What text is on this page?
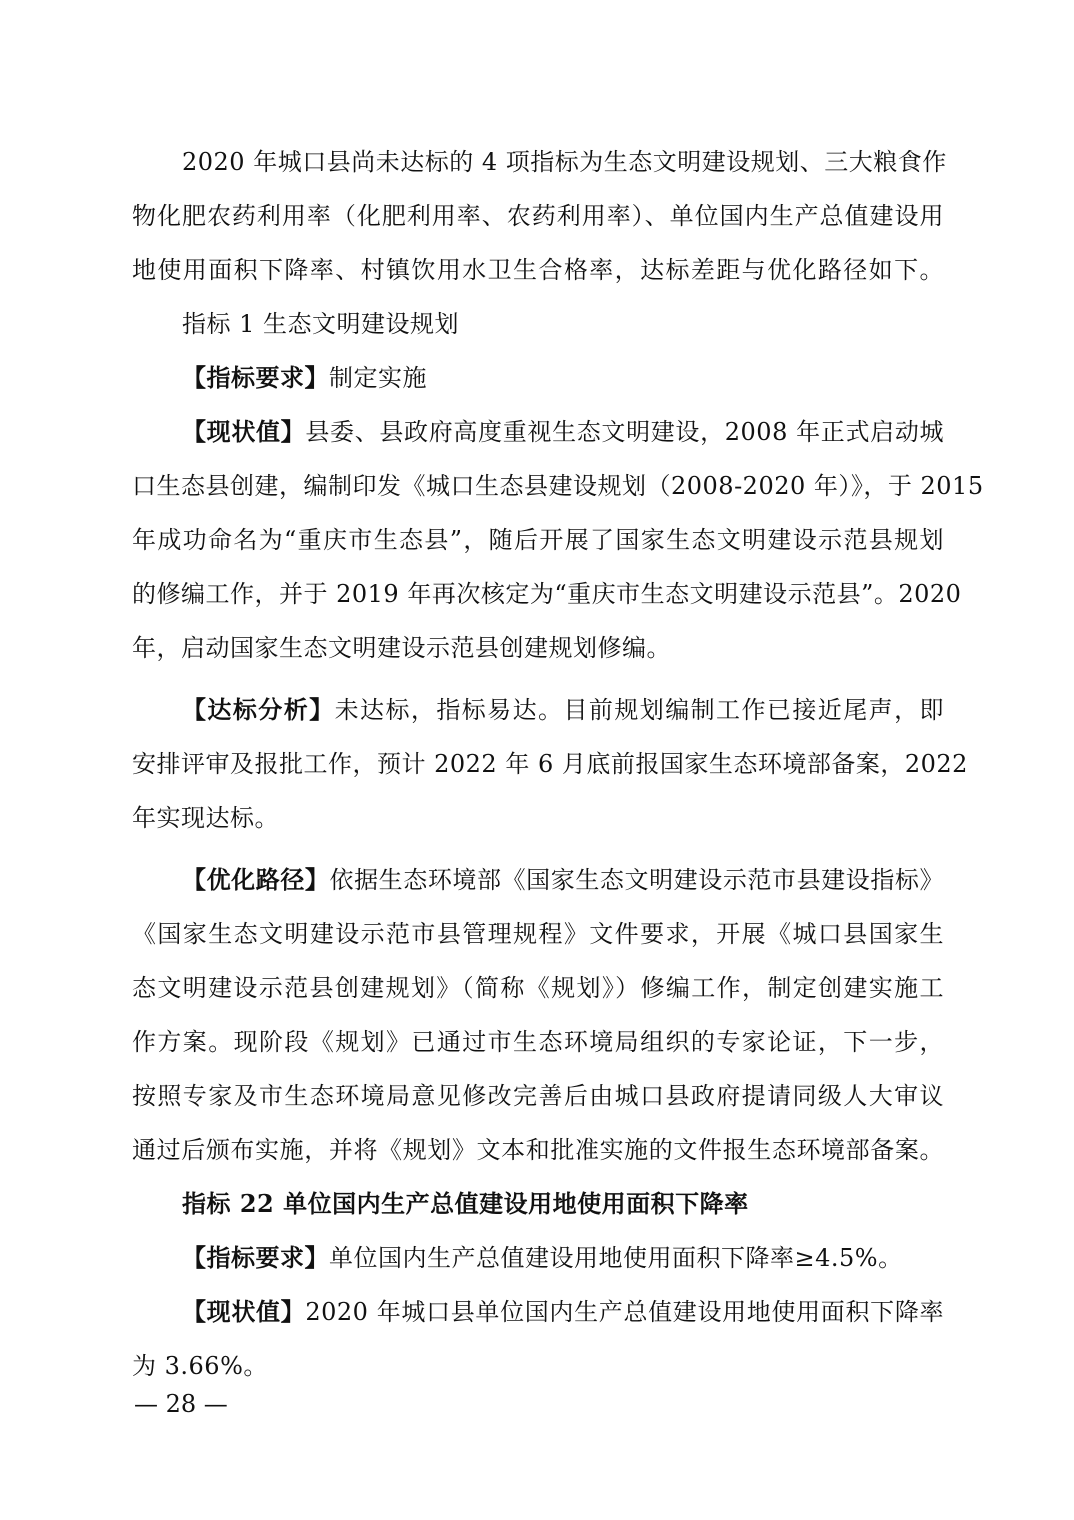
2020 年城口县尚未达标的 4 项指标为生态文明建设规划、三大粮食作
物化肥农药利用率（化肥利用率、农药利用率）、单位国内生产总值建设用
地使用面积下降率、村镇饮用水卫生合格率，达标差距与优化路径如下。
指标 1 生态文明建设规划
【指标要求】制定实施
【现状值】县委、县政府高度重视生态文明建设，2008 年正式启动城
口生态县创建，编制印发《城口生态县建设规划（2008-2020 年）》，于 2015
年成功命名为“重庆市生态县”，随后开展了国家生态文明建设示范县规划
的修编工作，并于 2019 年再次核定为“重庆市生态文明建设示范县”。2020
年，启动国家生态文明建设示范县创建规划修编。
【达标分析】未达标，指标易达。目前规划编制工作已接近尾声，即
安排评审及报批工作，预计 2022 年 6 月底前报国家生态环境部备案，2022
年实现达标。
【优化路径】依据生态环境部《国家生态文明建设示范市县建设指标》
《国家生态文明建设示范市县管理规程》文件要求，开展《城口县国家生
态文明建设示范县创建规划》（简称《规划》）修编工作，制定创建实施工
作方案。现阶段《规划》已通过市生态环境局组织的专家论证，下一步，
按照专家及市生态环境局意见修改完善后由城口县政府提请同级人大审议
通过后颁布实施，并将《规划》文本和批准实施的文件报生态环境部备案。
指标 22 单位国内生产总值建设用地使用面积下降率
【指标要求】单位国内生产总值建设用地使用面积下降率≥4.5%。
【现状值】2020 年城口县单位国内生产总值建设用地使用面积下降率
为 3.66%。
— 28 —
